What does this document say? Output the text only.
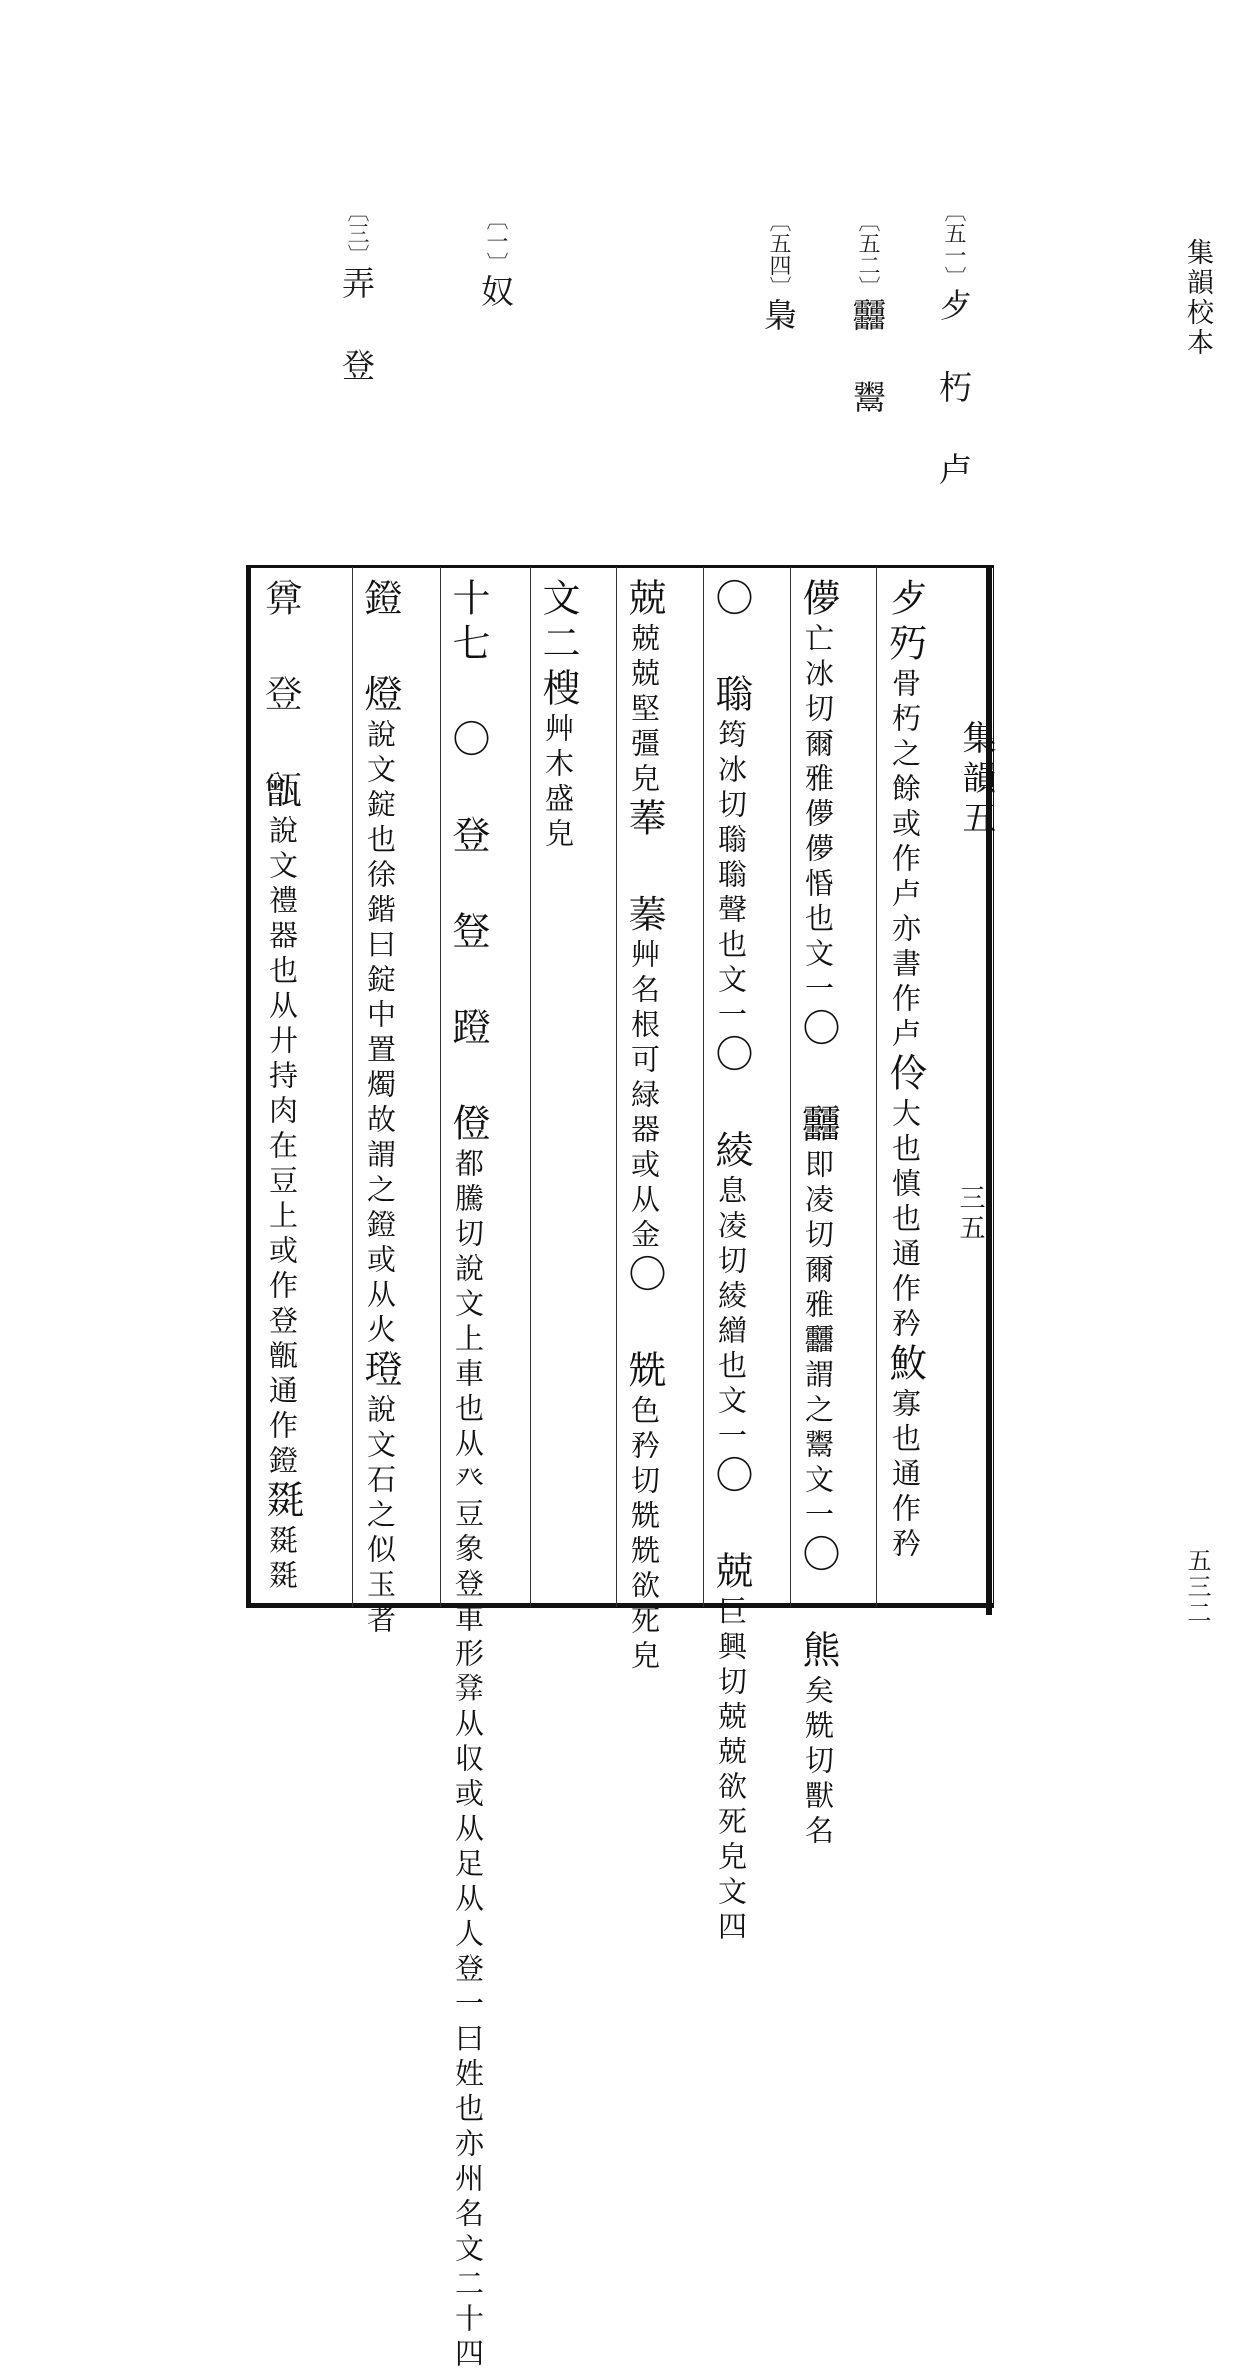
集韻校本
五三二
〔五一〕歺 朽 卢
〔五二〕䨻 鬻
〔五四〕梟
〔一〕奴
〔三〕弄 登
集韻五
三五
歺㱙骨朽之餘或作卢亦書作卢伶大也慎也通作矜䰻寡也通作矜
儚亡冰切爾雅儚儚惛也文一〇 䨻即凌切爾雅䨻謂之鬻文一〇 熊矣兟切獸名
〇 聬筠冰切聬聬聲也文一〇 綾息凌切綾繒也文一〇 兢巨興切兢兢欲死皃文四
兢兢兢堅彊皃菶 蓁艸名根可緑器或从金〇 兟色矜切兟兟欲死皃
文二㮴艸木盛皃
十七 〇 登 豋 蹬 僜都騰切說文上車也从癶豆象登車形𤼷从収或从足从人登一曰姓也亦州名文二十四
鐙 燈說文錠也徐鍇曰錠中置燭故謂之鐙或从火璒說文石之似玉者
𢍜 登 甑說文禮器也从廾持肉在豆上或作登甑通作鐙毲毲毲
